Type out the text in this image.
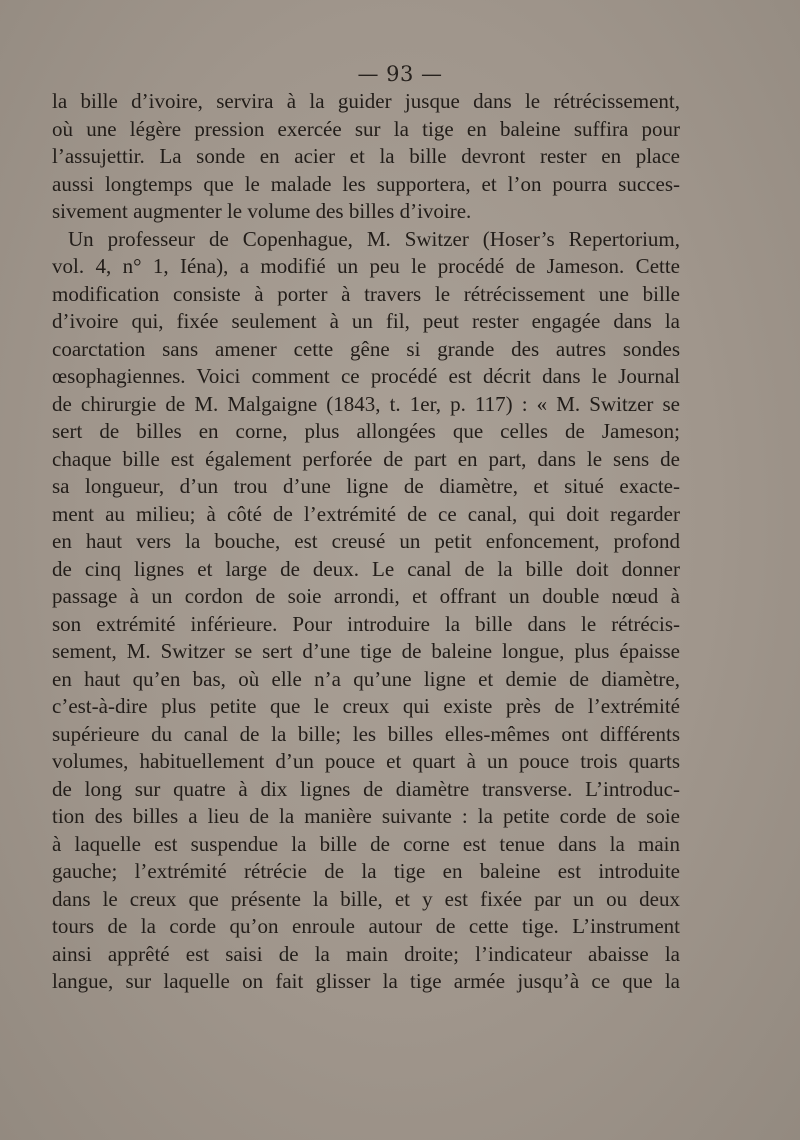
— 93 —
la bille d’ivoire, servira à la guider jusque dans le rétrécissement,
où une légère pression exercée sur la tige en baleine suffira pour
l’assujettir. La sonde en acier et la bille devront rester en place
aussi longtemps que le malade les supportera, et l’on pourra succes-
sivement augmenter le volume des billes d’ivoire.
Un professeur de Copenhague, M. Switzer (Hoser’s Repertorium,
vol. 4, n° 1, Iéna), a modifié un peu le procédé de Jameson. Cette
modification consiste à porter à travers le rétrécissement une bille
d’ivoire qui, fixée seulement à un fil, peut rester engagée dans la
coarctation sans amener cette gêne si grande des autres sondes
œsophagiennes. Voici comment ce procédé est décrit dans le Journal
de chirurgie de M. Malgaigne (1843, t. 1er, p. 117) : « M. Switzer se
sert de billes en corne, plus allongées que celles de Jameson;
chaque bille est également perforée de part en part, dans le sens de
sa longueur, d’un trou d’une ligne de diamètre, et situé exacte-
ment au milieu; à côté de l’extrémité de ce canal, qui doit regarder
en haut vers la bouche, est creusé un petit enfoncement, profond
de cinq lignes et large de deux. Le canal de la bille doit donner
passage à un cordon de soie arrondi, et offrant un double nœud à
son extrémité inférieure. Pour introduire la bille dans le rétrécis-
sement, M. Switzer se sert d’une tige de baleine longue, plus épaisse
en haut qu’en bas, où elle n’a qu’une ligne et demie de diamètre,
c’est-à-dire plus petite que le creux qui existe près de l’extrémité
supérieure du canal de la bille; les billes elles-mêmes ont différents
volumes, habituellement d’un pouce et quart à un pouce trois quarts
de long sur quatre à dix lignes de diamètre transverse. L’introduc-
tion des billes a lieu de la manière suivante : la petite corde de soie
à laquelle est suspendue la bille de corne est tenue dans la main
gauche; l’extrémité rétrécie de la tige en baleine est introduite
dans le creux que présente la bille, et y est fixée par un ou deux
tours de la corde qu’on enroule autour de cette tige. L’instrument
ainsi apprêté est saisi de la main droite; l’indicateur abaisse la
langue, sur laquelle on fait glisser la tige armée jusqu’à ce que la
